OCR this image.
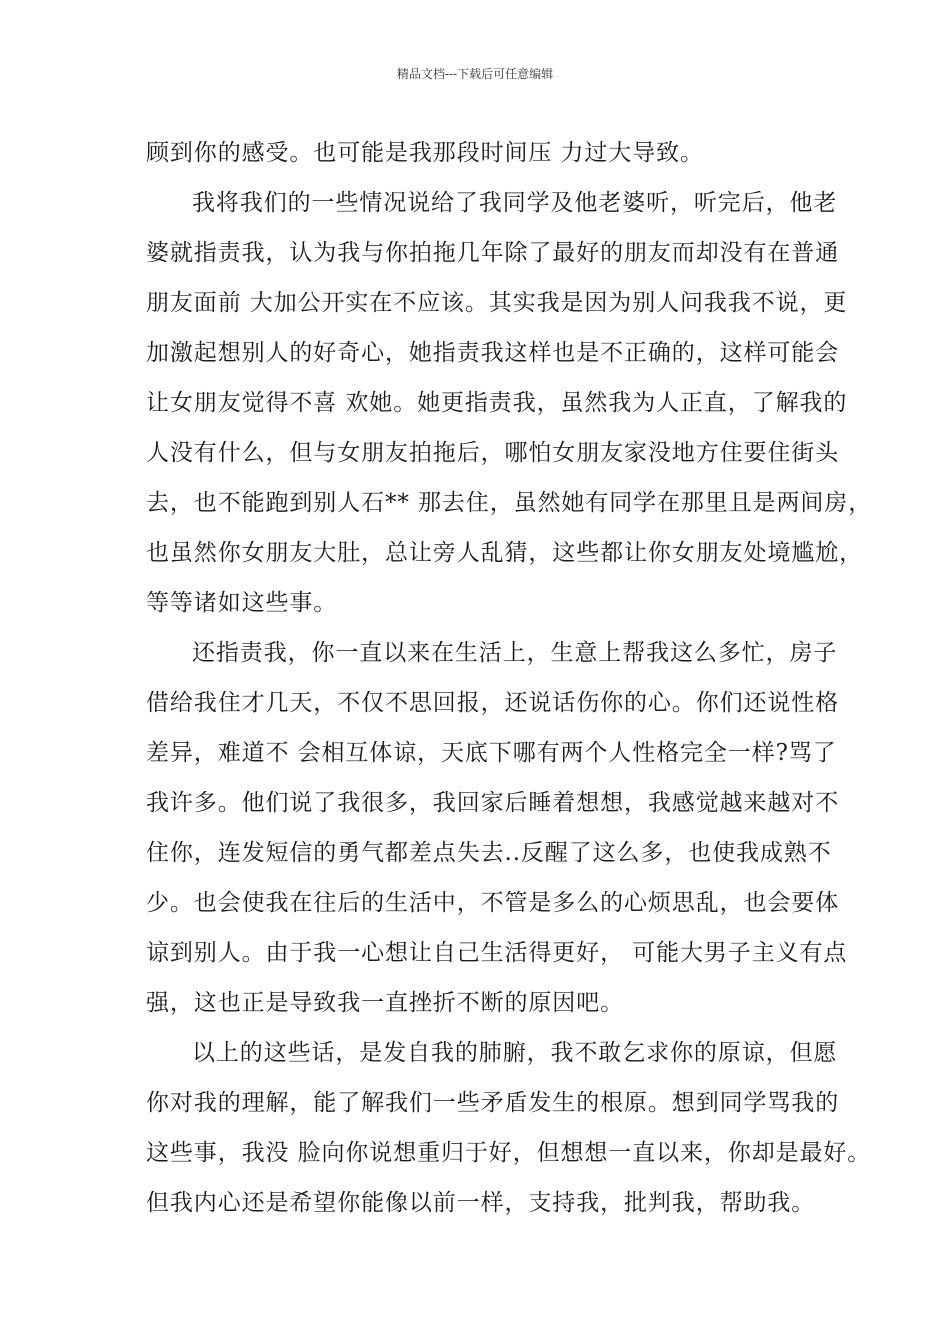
精品文档---下载后可任意编辑
顾到你的感受。也可能是我那段时间压 力过大导致。
我将我们的一些情况说给了我同学及他老婆听，听完后，他老
婆就指责我，认为我与你拍拖几年除了最好的朋友而却没有在普通
朋友面前 大加公开实在不应该。其实我是因为别人问我我不说，更
加激起想别人的好奇心，她指责我这样也是不正确的，这样可能会
让女朋友觉得不喜 欢她。她更指责我，虽然我为人正直，了解我的
人没有什么，但与女朋友拍拖后，哪怕女朋友家没地方住要住街头
去，也不能跑到别人石** 那去住，虽然她有同学在那里且是两间房，
也虽然你女朋友大肚，总让旁人乱猜，这些都让你女朋友处境尴尬，
等等诸如这些事。
还指责我，你一直以来在生活上，生意上帮我这么多忙，房子
借给我住才几天，不仅不思回报，还说话伤你的心。你们还说性格
差异，难道不 会相互体谅，天底下哪有两个人性格完全一样?骂了
我许多。他们说了我很多，我回家后睡着想想，我感觉越来越对不
住你，连发短信的勇气都差点失去..反醒了这么多，也使我成熟不
少。也会使我在往后的生活中，不管是多么的心烦思乱，也会要体
谅到别人。由于我一心想让自己生活得更好， 可能大男子主义有点
强，这也正是导致我一直挫折不断的原因吧。
以上的这些话，是发自我的肺腑，我不敢乞求你的原谅，但愿
你对我的理解，能了解我们一些矛盾发生的根原。想到同学骂我的
这些事，我没 脸向你说想重归于好，但想想一直以来，你却是最好。
但我内心还是希望你能像以前一样，支持我，批判我，帮助我。
